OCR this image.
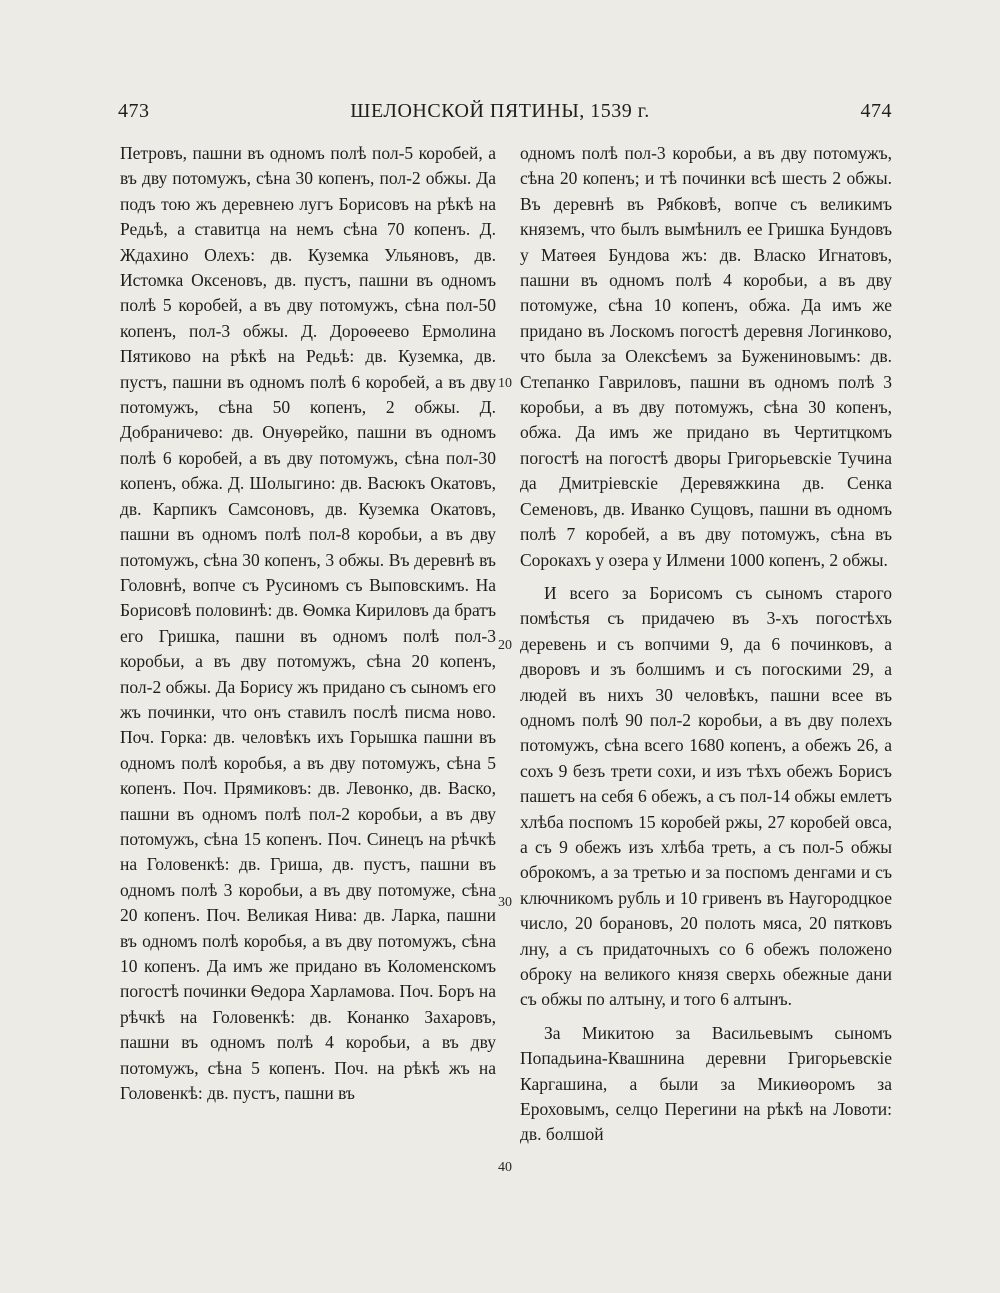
473	ШЕЛОНСКОЙ ПЯТИНЫ, 1539 г.	474

Петровъ, пашни въ одномъ полѣ пол-5 коробей, а въ дву потомужъ, сѣна 30 копенъ, пол-2 обжы. Да подъ тою жъ деревнею лугъ Борисовъ на рѣкѣ на Редьѣ, а ставитца на немъ сѣна 70 копенъ. Д. Ждахино Олехъ: дв. Куземка Ульяновъ, дв. Истомка Оксеновъ, дв. пустъ, пашни въ одномъ полѣ 5 коробей, а въ дву потомужъ, сѣна пол-50 копенъ, пол-3 обжы. Д. Дороѳеево Ермолина Пятиково на рѣкѣ на Редьѣ: дв. Куземка, дв. пустъ, пашни въ одномъ полѣ 6 коробей, а въ дву потомужъ, сѣна 50 копенъ, 2 обжы. Д. Добраничево: дв. Онуѳрейко, пашни въ одномъ полѣ 6 коробей, а въ дву потомужъ, сѣна пол-30 копенъ, обжа. Д. Шолыгино: дв. Васюкъ Окатовъ, дв. Карпикъ Самсоновъ, дв. Куземка Окатовъ, пашни въ одномъ полѣ пол-8 коробьи, а въ дву потомужъ, сѣна 30 копенъ, 3 обжы. Въ деревнѣ въ Головнѣ, вопче съ Русиномъ съ Выповскимъ. На Борисовѣ половинѣ: дв. Ѳомка Кириловъ да братъ его Гришка, пашни въ одномъ полѣ пол-3 коробьи, а въ дву потомужъ, сѣна 20 копенъ, пол-2 обжы. Да Борису жъ придано съ сыномъ его жъ починки, что онъ ставилъ послѣ писма ново. Поч. Горка: дв. человѣкъ ихъ Горышка пашни въ одномъ полѣ коробья, а въ дву потомужъ, сѣна 5 копенъ. Поч. Прямиковъ: дв. Левонко, дв. Васко, пашни въ одномъ полѣ пол-2 коробьи, а въ дву потомужъ, сѣна 15 копенъ. Поч. Синецъ на рѣчкѣ на Головенкѣ: дв. Гриша, дв. пустъ, пашни въ одномъ полѣ 3 коробьи, а въ дву потомуже, сѣна 20 копенъ. Поч. Великая Нива: дв. Ларка, пашни въ одномъ полѣ коробья, а въ дву потомужъ, сѣна 10 копенъ. Да имъ же придано въ Коломенскомъ погостѣ починки Ѳедора Харламова. Поч. Боръ на рѣчкѣ на Головенкѣ: дв. Конанко Захаровъ, пашни въ одномъ полѣ 4 коробьи, а въ дву потомужъ, сѣна 5 копенъ. Поч. на рѣкѣ жъ на Головенкѣ: дв. пустъ, пашни въ

10
20
30
40

одномъ полѣ пол-3 коробьи, а въ дву потомужъ, сѣна 20 копенъ; и тѣ починки всѣ шесть 2 обжы. Въ деревнѣ въ Рябковѣ, вопче съ великимъ княземъ, что былъ вымѣнилъ ее Гришка Бундовъ у Матѳея Бундова жъ: дв. Власко Игнатовъ, пашни въ одномъ полѣ 4 коробьи, а въ дву потомуже, сѣна 10 копенъ, обжа. Да имъ же придано въ Лоскомъ погостѣ деревня Логинково, что была за Олексѣемъ за Бужениновымъ: дв. Степанко Гавриловъ, пашни въ одномъ полѣ 3 коробьи, а въ дву потомужъ, сѣна 30 копенъ, обжа. Да имъ же придано въ Чертитцкомъ погостѣ на погостѣ дворы Григорьевскіе Тучина да Дмитріевскіе Деревяжкина дв. Сенка Семеновъ, дв. Иванко Сущовъ, пашни въ одномъ полѣ 7 коробей, а въ дву потомужъ, сѣна въ Сорокахъ у озера у Илмени 1000 копенъ, 2 обжы.

И всего за Борисомъ съ сыномъ старого помѣстья съ придачею въ 3-хъ погостѣхъ деревень и съ вопчими 9, да 6 починковъ, а дворовъ и зъ болшимъ и съ погоскими 29, а людей въ нихъ 30 человѣкъ, пашни всее въ одномъ полѣ 90 пол-2 коробьи, а въ дву полехъ потомужъ, сѣна всего 1680 копенъ, а обежъ 26, а сохъ 9 безъ трети сохи, и изъ тѣхъ обежъ Борисъ пашетъ на себя 6 обежъ, а съ пол-14 обжы емлетъ хлѣба поспомъ 15 коробей ржы, 27 коробей овса, а съ 9 обежъ изъ хлѣба треть, а съ пол-5 обжы оброкомъ, а за третью и за поспомъ денгами и съ ключникомъ рубль и 10 гривенъ въ Наугородцкое число, 20 борановъ, 20 полоть мяса, 20 пятковъ лну, а съ придаточныхъ со 6 обежъ положено оброку на великого князя сверхь обежные дани съ обжы по алтыну, и того 6 алтынъ.

За Микитою за Васильевымъ сыномъ Попадьина-Квашнина деревни Григорьевскіе Каргашина, а были за Микиѳоромъ за Ероховымъ, селцо Перегини на рѣкѣ на Ловоти: дв. болшой
